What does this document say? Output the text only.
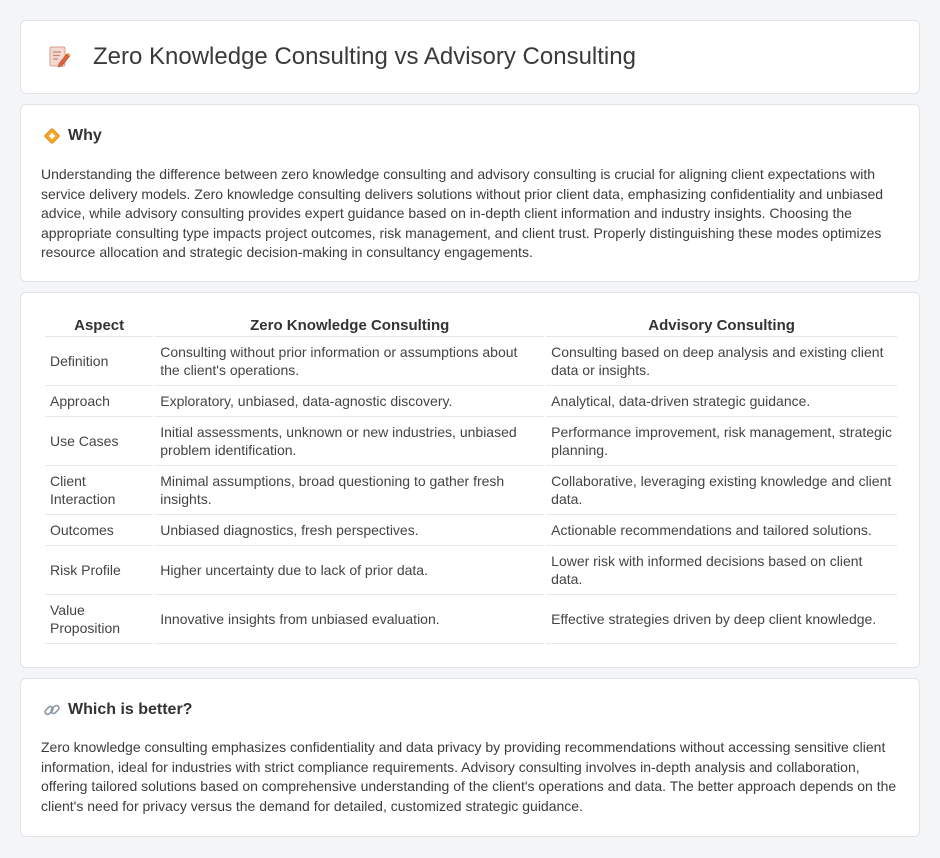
Zero Knowledge Consulting vs Advisory Consulting
Why

Understanding the difference between zero knowledge consulting and advisory consulting is crucial for aligning client expectations with service delivery models. Zero knowledge consulting delivers solutions without prior client data, emphasizing confidentiality and unbiased advice, while advisory consulting provides expert guidance based on in-depth client information and industry insights. Choosing the appropriate consulting type impacts project outcomes, risk management, and client trust. Properly distinguishing these modes optimizes resource allocation and strategic decision-making in consultancy engagements.

Aspect	Zero Knowledge Consulting	Advisory Consulting
Definition	Consulting without prior information or assumptions about the client's operations.	Consulting based on deep analysis and existing client data or insights.
Approach	Exploratory, unbiased, data-agnostic discovery.	Analytical, data-driven strategic guidance.
Use Cases	Initial assessments, unknown or new industries, unbiased problem identification.	Performance improvement, risk management, strategic planning.
Client Interaction	Minimal assumptions, broad questioning to gather fresh insights.	Collaborative, leveraging existing knowledge and client data.
Outcomes	Unbiased diagnostics, fresh perspectives.	Actionable recommendations and tailored solutions.
Risk Profile	Higher uncertainty due to lack of prior data.	Lower risk with informed decisions based on client data.
Value Proposition	Innovative insights from unbiased evaluation.	Effective strategies driven by deep client knowledge.
Which is better?

Zero knowledge consulting emphasizes confidentiality and data privacy by providing recommendations without accessing sensitive client information, ideal for industries with strict compliance requirements. Advisory consulting involves in-depth analysis and collaboration, offering tailored solutions based on comprehensive understanding of the client's operations and data. The better approach depends on the client's need for privacy versus the demand for detailed, customized strategic guidance.
